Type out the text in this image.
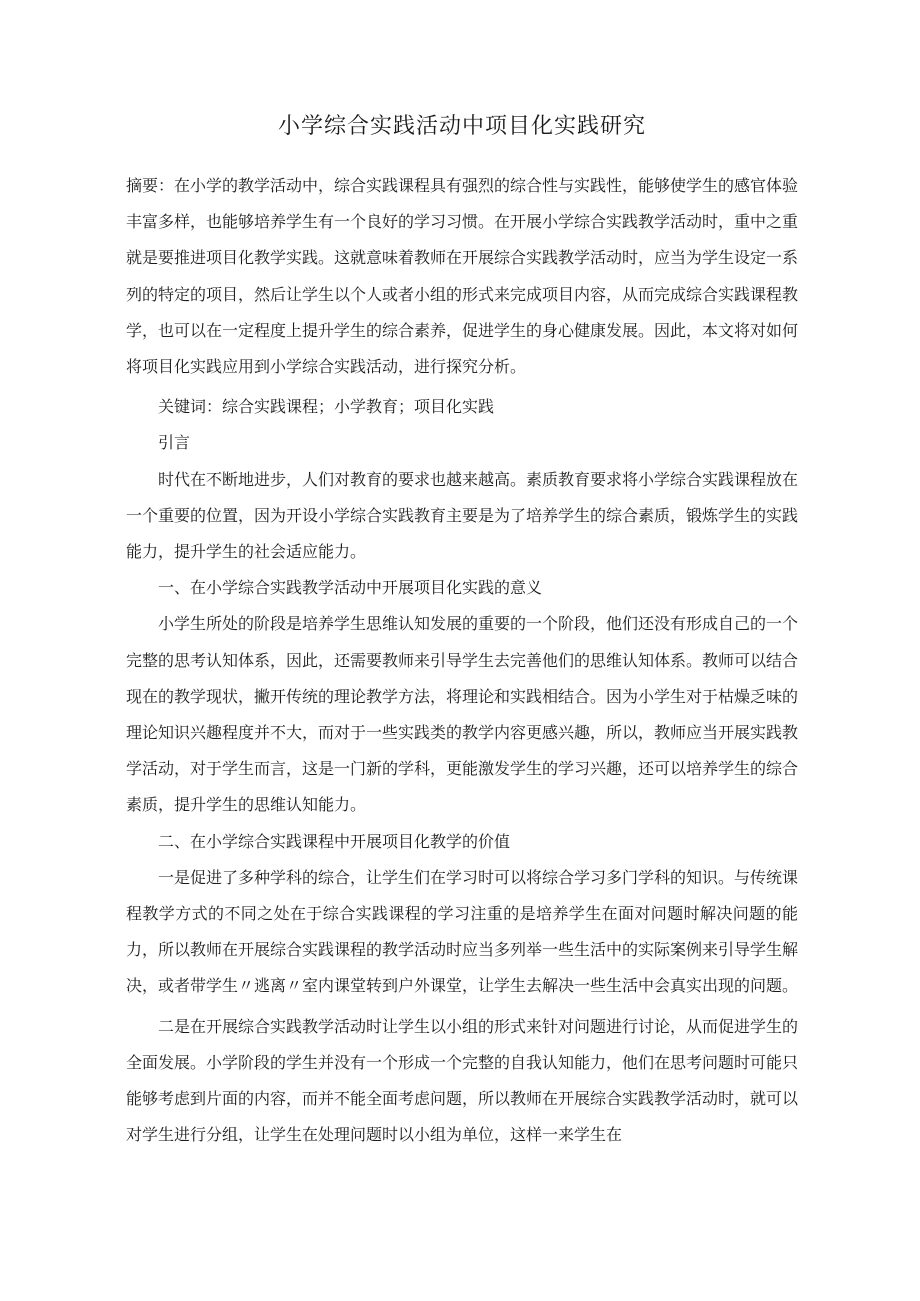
小学综合实践活动中项目化实践研究

摘要：在小学的教学活动中，综合实践课程具有强烈的综合性与实践性，能够使学生的感官体验丰富多样，也能够培养学生有一个良好的学习习惯。在开展小学综合实践教学活动时，重中之重就是要推进项目化教学实践。这就意味着教师在开展综合实践教学活动时，应当为学生设定一系列的特定的项目，然后让学生以个人或者小组的形式来完成项目内容，从而完成综合实践课程教学，也可以在一定程度上提升学生的综合素养，促进学生的身心健康发展。因此，本文将对如何将项目化实践应用到小学综合实践活动，进行探究分析。

关键词：综合实践课程；小学教育；项目化实践

引言

时代在不断地进步，人们对教育的要求也越来越高。素质教育要求将小学综合实践课程放在一个重要的位置，因为开设小学综合实践教育主要是为了培养学生的综合素质，锻炼学生的实践能力，提升学生的社会适应能力。

一、在小学综合实践教学活动中开展项目化实践的意义

小学生所处的阶段是培养学生思维认知发展的重要的一个阶段，他们还没有形成自己的一个完整的思考认知体系，因此，还需要教师来引导学生去完善他们的思维认知体系。教师可以结合现在的教学现状，撇开传统的理论教学方法，将理论和实践相结合。因为小学生对于枯燥乏味的理论知识兴趣程度并不大，而对于一些实践类的教学内容更感兴趣，所以，教师应当开展实践教学活动，对于学生而言，这是一门新的学科，更能激发学生的学习兴趣，还可以培养学生的综合素质，提升学生的思维认知能力。

二、在小学综合实践课程中开展项目化教学的价值

一是促进了多种学科的综合，让学生们在学习时可以将综合学习多门学科的知识。与传统课程教学方式的不同之处在于综合实践课程的学习注重的是培养学生在面对问题时解决问题的能力，所以教师在开展综合实践课程的教学活动时应当多列举一些生活中的实际案例来引导学生解决，或者带学生〃逃离〃室内课堂转到户外课堂，让学生去解决一些生活中会真实出现的问题。

二是在开展综合实践教学活动时让学生以小组的形式来针对问题进行讨论，从而促进学生的全面发展。小学阶段的学生并没有一个形成一个完整的自我认知能力，他们在思考问题时可能只能够考虑到片面的内容，而并不能全面考虑问题，所以教师在开展综合实践教学活动时，就可以对学生进行分组，让学生在处理问题时以小组为单位，这样一来学生在
